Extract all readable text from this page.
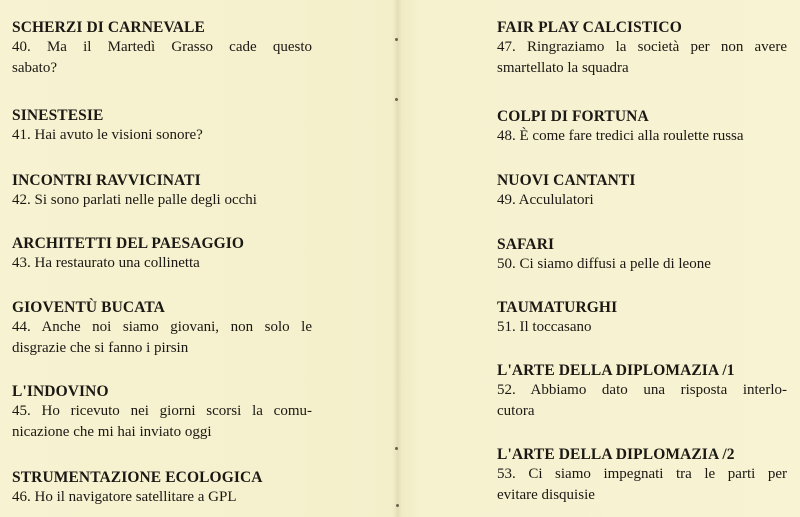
SCHERZI DI CARNEVALE
40. Ma il Martedì Grasso cade questo
sabato?
SINESTESIE
41. Hai avuto le visioni sonore?
INCONTRI RAVVICINATI
42. Si sono parlati nelle palle degli occhi
ARCHITETTI DEL PAESAGGIO
43. Ha restaurato una collinetta
GIOVENTÙ BUCATA
44. Anche noi siamo giovani, non solo le
disgrazie che si fanno i pirsin
L'INDOVINO
45. Ho ricevuto nei giorni scorsi la comu-
nicazione che mi hai inviato oggi
STRUMENTAZIONE ECOLOGICA
46. Ho il navigatore satellitare a GPL
FAIR PLAY CALCISTICO
47. Ringraziamo la società per non avere
smartellato la squadra
COLPI DI FORTUNA
48. È come fare tredici alla roulette russa
NUOVI CANTANTI
49. Accululatori
SAFARI
50. Ci siamo diffusi a pelle di leone
TAUMATURGHI
51. Il toccasano
L'ARTE DELLA DIPLOMAZIA /1
52. Abbiamo dato una risposta interlo-
cutora
L'ARTE DELLA DIPLOMAZIA /2
53. Ci siamo impegnati tra le parti per
evitare disquisie
